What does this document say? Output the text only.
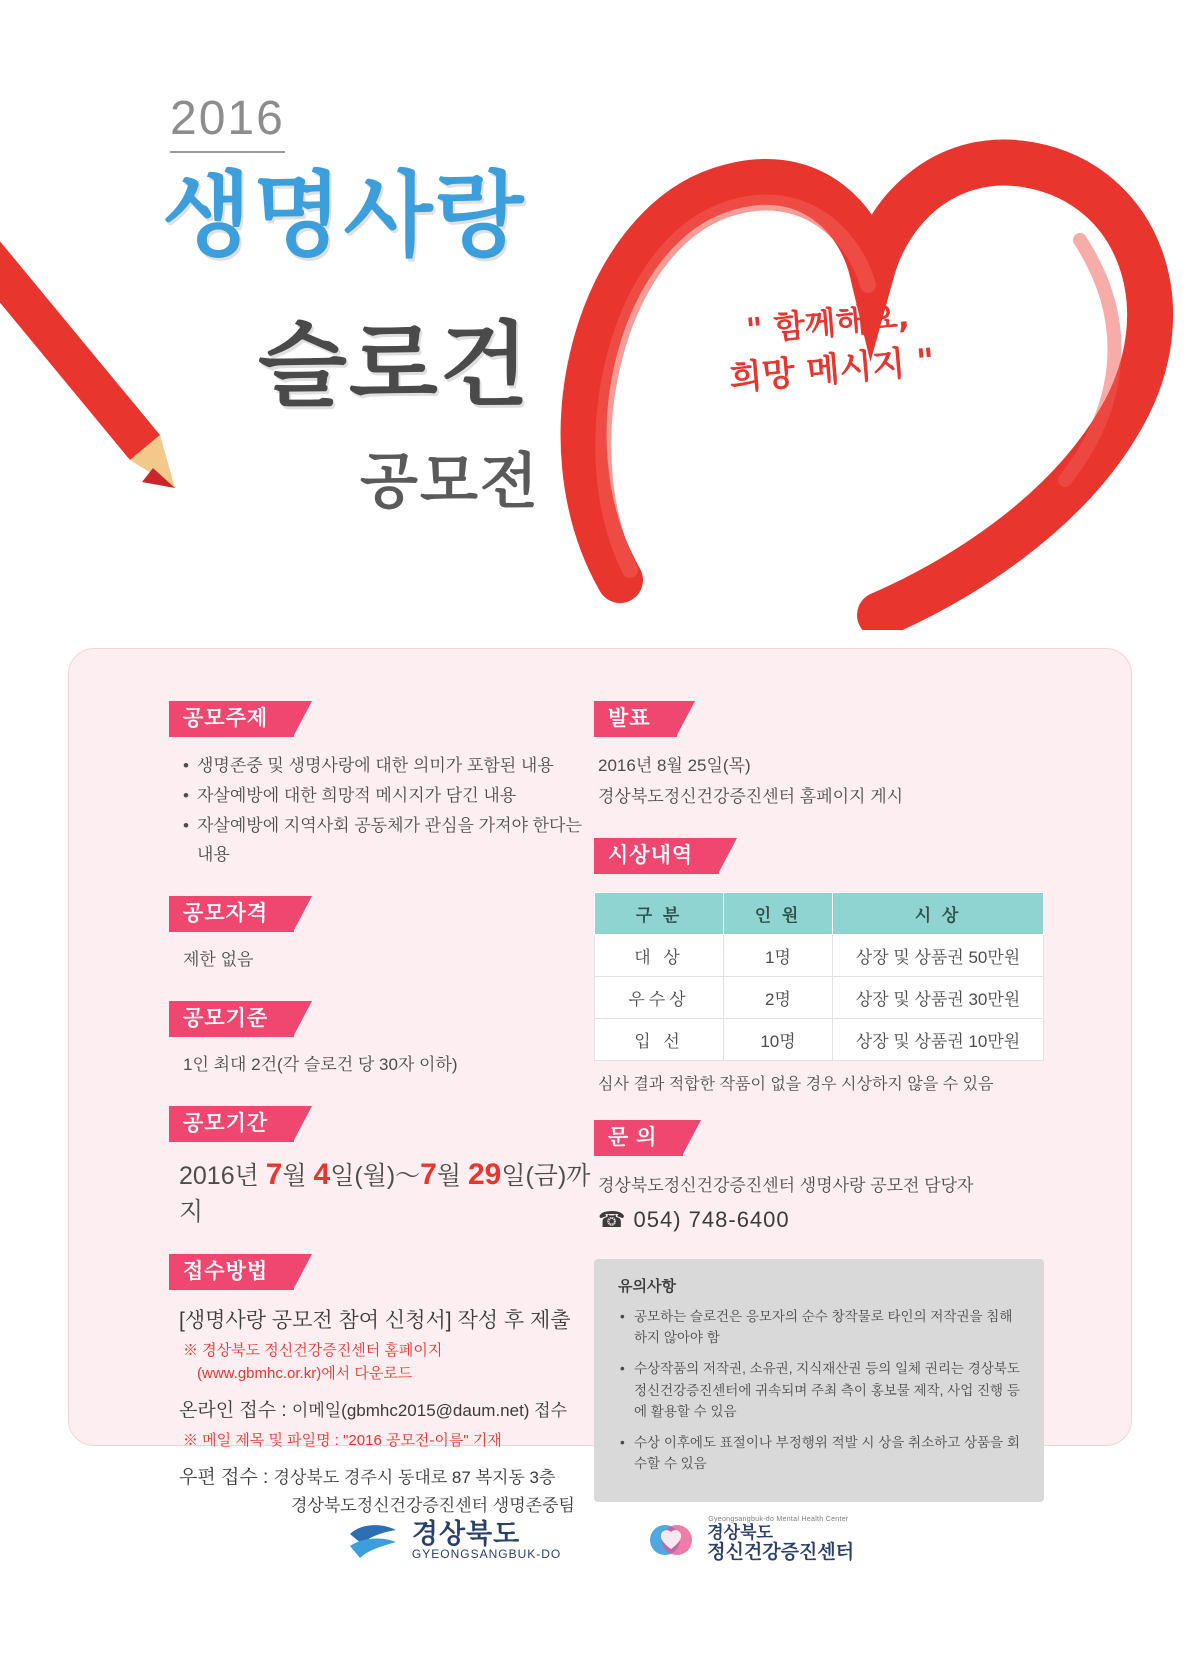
" 함께해요,
희망 메시지 "
2016
생명사랑
슬로건
공모전
공모주제
• 생명존중 및 생명사랑에 대한 의미가 포함된 내용
• 자살예방에 대한 희망적 메시지가 담긴 내용
• 자살예방에 지역사회 공동체가 관심을 가져야 한다는 내용
공모자격
제한 없음
공모기준
1인 최대 2건(각 슬로건 당 30자 이하)
공모기간
2016년 7월 4일(월)～7월 29일(금)까지
접수방법
[생명사랑 공모전 참여 신청서] 작성 후 제출
※ 경상북도 정신건강증진센터 홈페이지
(www.gbmhc.or.kr)에서 다운로드
온라인 접수 : 이메일(gbmhc2015@daum.net) 접수
※ 메일 제목 및 파일명 : "2016 공모전-이름" 기재
우편 접수 : 경상북도 경주시 동대로 87 복지동 3층
경상북도정신건강증진센터 생명존중팀
발표
2016년 8월 25일(목)
경상북도정신건강증진센터 홈페이지 게시
시상내역
구 분	인 원	시 상
대 상	1명	상장 및 상품권 50만원
우수상	2명	상장 및 상품권 30만원
입 선	10명	상장 및 상품권 10만원
심사 결과 적합한 작품이 없을 경우 시상하지 않을 수 있음
문 의
경상북도정신건강증진센터 생명사랑 공모전 담당자
☎ 054) 748-6400
유의사항
• 공모하는 슬로건은 응모자의 순수 창작물로 타인의 저작권을 침해하지 않아야 함
• 수상작품의 저작권, 소유권, 지식재산권 등의 일체 권리는 경상북도정신건강증진센터에 귀속되며 주최 측이 홍보물 제작, 사업 진행 등에 활용할 수 있음
• 수상 이후에도 표절이나 부정행위 적발 시 상을 취소하고 상품을 회수할 수 있음
경상북도
GYEONGSANGBUK-DO
Gyeongsangbuk-do Mental Health Center
경상북도
정신건강증진센터
